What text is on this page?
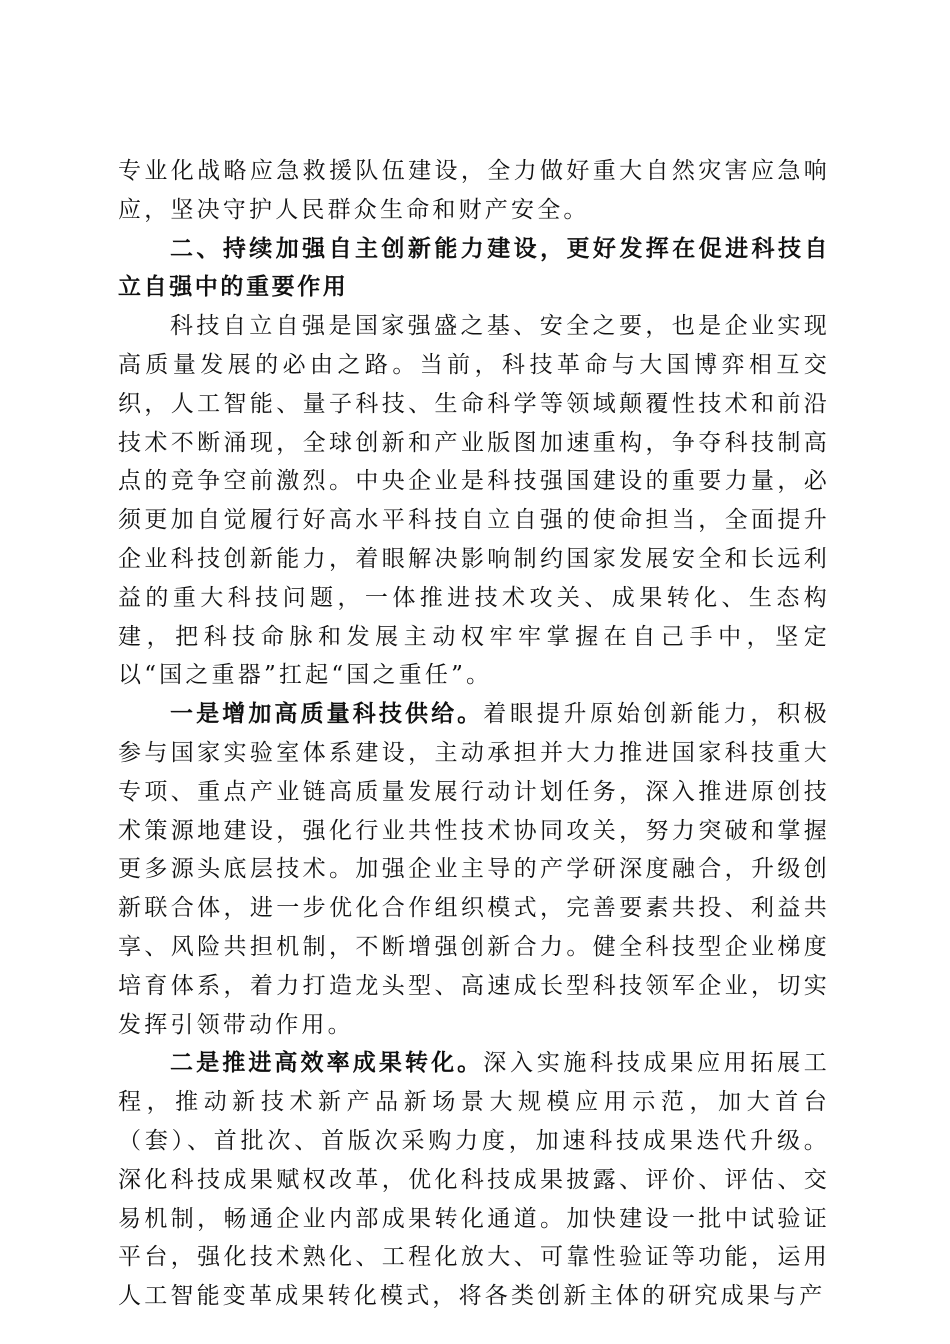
专业化战略应急救援队伍建设，全力做好重大自然灾害应急响应，坚决守护人民群众生命和财产安全。

二、持续加强自主创新能力建设，更好发挥在促进科技自立自强中的重要作用

科技自立自强是国家强盛之基、安全之要，也是企业实现高质量发展的必由之路。当前，科技革命与大国博弈相互交织，人工智能、量子科技、生命科学等领域颠覆性技术和前沿技术不断涌现，全球创新和产业版图加速重构，争夺科技制高点的竞争空前激烈。中央企业是科技强国建设的重要力量，必须更加自觉履行好高水平科技自立自强的使命担当，全面提升企业科技创新能力，着眼解决影响制约国家发展安全和长远利益的重大科技问题，一体推进技术攻关、成果转化、生态构建，把科技命脉和发展主动权牢牢掌握在自己手中，坚定以“国之重器”扛起“国之重任”。

一是增加高质量科技供给。着眼提升原始创新能力，积极参与国家实验室体系建设，主动承担并大力推进国家科技重大专项、重点产业链高质量发展行动计划任务，深入推进原创技术策源地建设，强化行业共性技术协同攻关，努力突破和掌握更多源头底层技术。加强企业主导的产学研深度融合，升级创新联合体，进一步优化合作组织模式，完善要素共投、利益共享、风险共担机制，不断增强创新合力。健全科技型企业梯度培育体系，着力打造龙头型、高速成长型科技领军企业，切实发挥引领带动作用。

二是推进高效率成果转化。深入实施科技成果应用拓展工程，推动新技术新产品新场景大规模应用示范，加大首台（套）、首批次、首版次采购力度，加速科技成果迭代升级。深化科技成果赋权改革，优化科技成果披露、评价、评估、交易机制，畅通企业内部成果转化通道。加快建设一批中试验证平台，强化技术熟化、工程化放大、可靠性验证等功能，运用人工智能变革成果转化模式，将各类创新主体的研究成果与产
